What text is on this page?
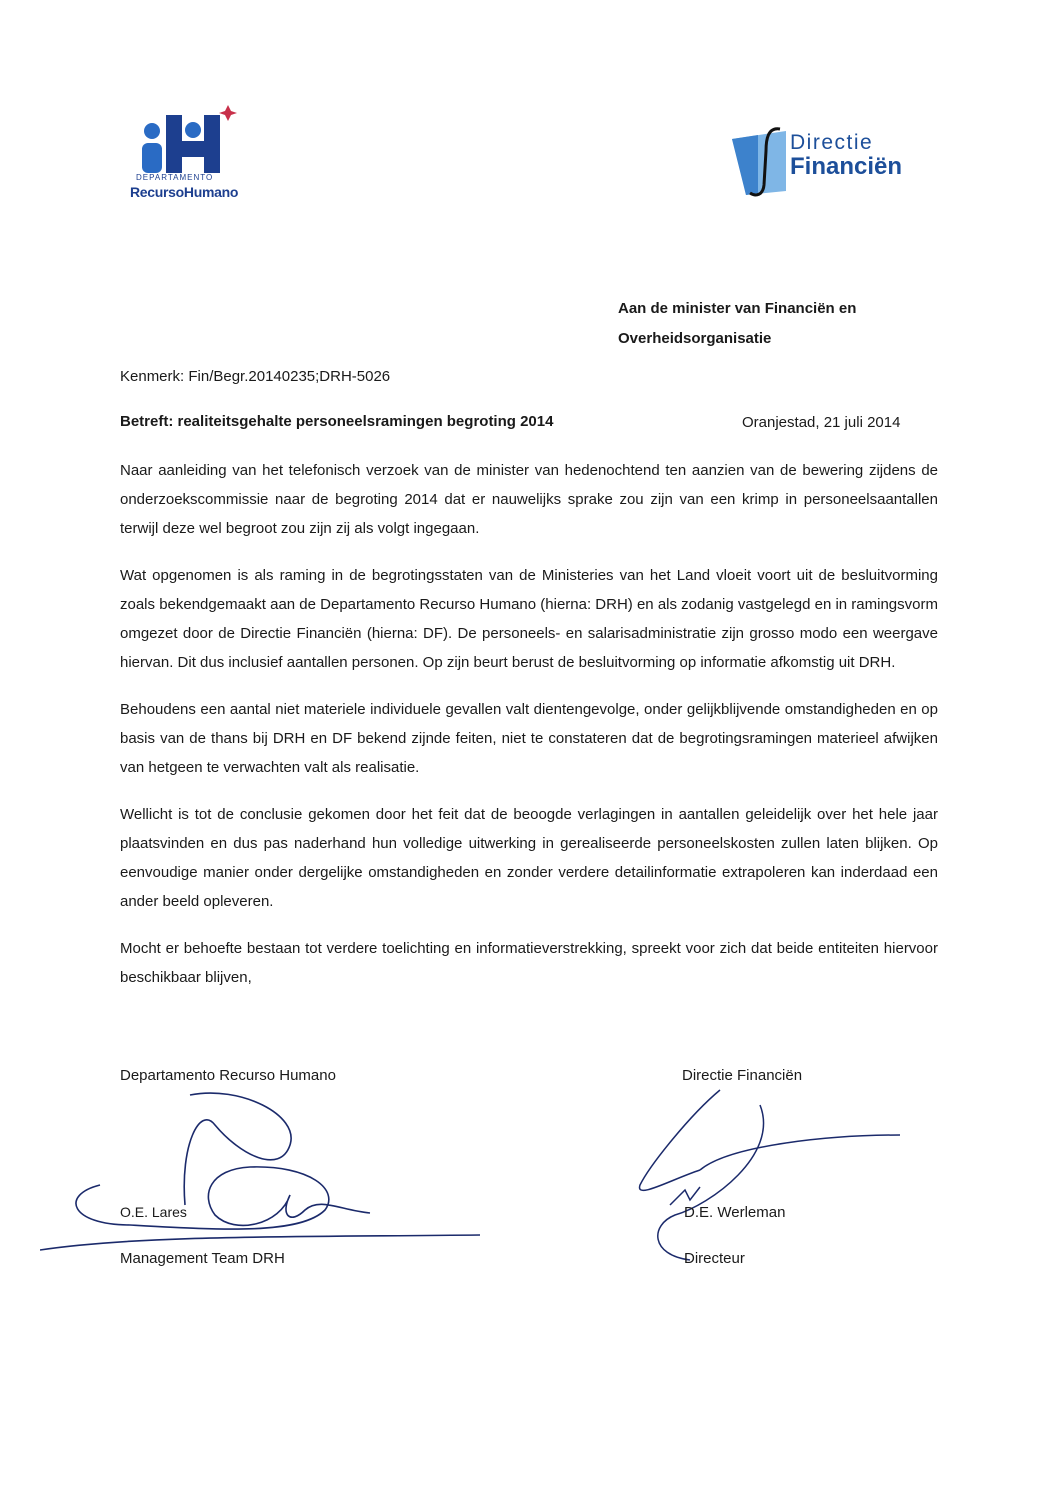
DEPARTAMENTO
RecursoHumano
Directie
Financiën
Aan de minister van Financiën en
Overheidsorganisatie
Kenmerk: Fin/Begr.20140235;DRH-5026
Betreft: realiteitsgehalte personeelsramingen begroting 2014	Oranjestad, 21 juli 2014

Naar aanleiding van het telefonisch verzoek van de minister van hedenochtend ten aanzien van de bewering zijdens de onderzoekscommissie naar de begroting 2014 dat er nauwelijks sprake zou zijn van een krimp in personeelsaantallen terwijl deze wel begroot zou zijn zij als volgt ingegaan.

Wat opgenomen is als raming in de begrotingsstaten van de Ministeries van het Land vloeit voort uit de besluitvorming zoals bekendgemaakt aan de Departamento Recurso Humano (hierna: DRH) en als zodanig vastgelegd en in ramingsvorm omgezet door de Directie Financiën (hierna: DF). De personeels- en salarisadministratie zijn grosso modo een weergave hiervan. Dit dus inclusief aantallen personen. Op zijn beurt berust de besluitvorming op informatie afkomstig uit DRH.

Behoudens een aantal niet materiele individuele gevallen valt dientengevolge, onder gelijkblijvende omstandigheden en op basis van de thans bij DRH en DF bekend zijnde feiten, niet te constateren dat de begrotingsramingen materieel afwijken van hetgeen te verwachten valt als realisatie.

Wellicht is tot de conclusie gekomen door het feit dat de beoogde verlagingen in aantallen geleidelijk over het hele jaar plaatsvinden en dus pas naderhand hun volledige uitwerking in gerealiseerde personeelskosten zullen laten blijken. Op eenvoudige manier onder dergelijke omstandigheden en zonder verdere detailinformatie extrapoleren kan inderdaad een ander beeld opleveren.

Mocht er behoefte bestaan tot verdere toelichting en informatieverstrekking, spreekt voor zich dat beide entiteiten hiervoor beschikbaar blijven,

Departamento Recurso Humano
O.E. Lares
Management Team DRH
Directie Financiën
D.E. Werleman
Directeur
